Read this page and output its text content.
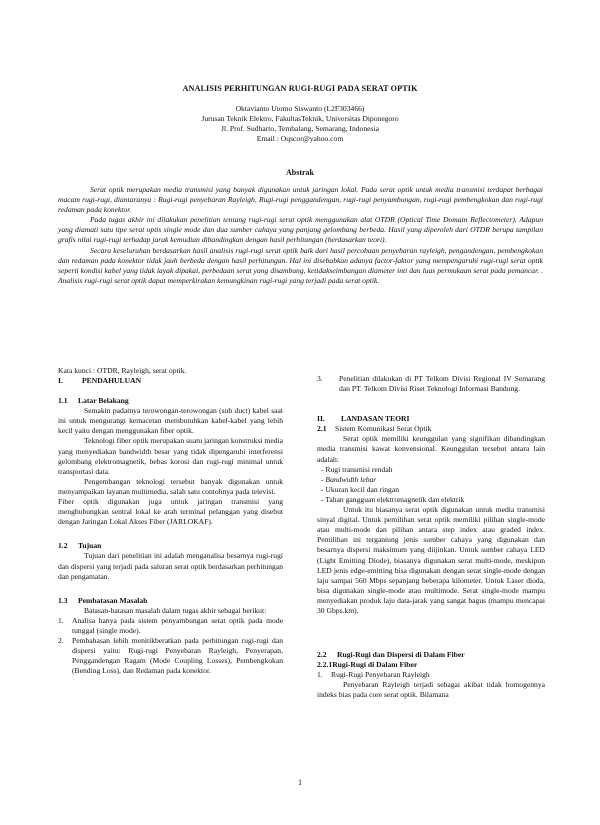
ANALISIS PERHITUNGAN RUGI-RUGI PADA SERAT OPTIK
Oktavianto Utomo Siswanto (L2F303466)
Jurusan Teknik Elektro, FakultasTeknik, Universitas Diponegoro
Jl. Prof. Sudharto, Tembalang, Semarang, Indonesia
Email : Oqscor@yahoo.com
Abstrak

Serat optik merupakan media transmisi yang banyak digunakan untuk jaringan lokal. Pada serat optik untuk media transmisi terdapat berbagai macam rugi-rugi, diantaranya : Rugi-rugi penyebaran Rayleigh, Rugi-rugi penggandengan, rugi-rugi penyambungan, rugi-rugi pembengkokan dan rugi-rugi redaman pada konektor.

Pada tugas akhir ini dilakukan penelitian tentang rugi-rugi serat optik menggunakan alat OTDR (Optical Time Domain Reflectometer). Adapun yang diamati satu tipe serat optis single mode dan dua sumber cahaya yang panjang gelombang berbeda. Hasil yang diperoleh dari OTDR berupa tampilan grafis nilai rugi-rugi terhadap jarak kemudian dibandingkan dengan hasil perhitungan (berdasarkan teori).

Secara keseluruhan berdasarkan hasil analisis rugi-rugi serat optik baik dari hasil percobaan penyebaran rayleigh, pengandengan, pembengkokan dan redaman pada konektor tidak jauh berbeda dengan hasil perhitungan. Hal ini disebabkan adanya factor-faktor yang mempengaruhi rugi-rugi serat optik seperti kondisi kabel yang tidak layak dipakai, perbedaan serat yang disambung, ketidakseimbangan diameter inti dan luas permukaan serat pada pemancar. . Analisis rugi-rugi serat optik dapat memperkirakan kemungkinan rugi-rugi yang terjadi pada serat optik.

Kata kunci : OTDR, Rayleigh, serat optik.
I.	PENDAHULUAN
1.1 Latar Belakang

Semakin padatnya terowongan-terowongan (sub duct) kabel saat ini untuk mengurangi kemacetan membutuhkan kabel-kabel yang lebih kecil yaitu dengan menggunakan fiber optik.

Teknologi fiber optik merupakan suatu jaringan konstruksi media yang menyediakan bandwidth besar yang tidak dipengaruhi interferensi gelombang elektromagnetik, bebas korosi dan rugi-rugi minimal untuk transportasi data.

Pengembangan teknologi tersebut banyak digunakan untuk menyampaikan layanan multimedia, salah satu contohnya pada televisi.

Fiber optik digunakan juga untuk jaringan transmisi yang menghubungkan sentral lokal ke arah terminal pelanggan yang disebut dengan Jaringan Lokal Akses Fiber (JARLOKAF).

1.2 Tujuan

Tujuan dari penelitian ini adalah menganalisa besarnya rugi-rugi dan dispersi yang terjadi pada saluran serat optik berdasarkan perhitungan dan pengamatan.

1.3 Pembatasan Masalah

Batasan-batasan masalah dalam tugas akhir sebagai berikut:

1.	Analisa hanya pada sistem penyambungan serat optik pada mode tunggal (single mode).
2.	Pembahasan lebih menitikberatkan pada perhitungan rugi-rugi dan dispersi yaitu: Rugi-rugi Penyebaran Rayleigh, Penyerapan, Penggandengan Ragam (Mode Coupling Losses), Pembengkokan (Bending Loss), dan Redaman pada konektor.
3.	Penelitian dilakukan di PT Telkom Divisi Regional IV Semarang dan PT. Telkom Divisi Riset Teknologi Informasi Bandung.
II. LANDASAN TEORI
2.1 Sistem Komunikasi Serat Optik

Serat optik memiliki keunggulan yang signifikan dibandingkan media transmisi kawat konvensional. Keunggulan tersebut antara lain adalah:

- Rugi transmisi rendah
- Bandwidth lebar
- Ukuran kecil dan ringan
- Tahan gangguan elektromagnetik dan elektrik

Untuk itu biasanya serat optik digunakan untuk media transmisi sinyal digital. Untuk pemilihan serat optik memiliki pilihan single-mode atau multi-mode dan pilihan antara step index atau graded index. Pemilihan ini tergantung jenis sumber cahaya yang digunakan dan besarnya dispersi maksimum yang diijinkan. Untuk sumber cahaya LED (Light Emitting Diode), biasanya digunakan serat multi-mode, meskipun LED jenis edge-emitting bisa digunakan dengan serat single-mode dengan laju sampai 560 Mbps sepanjang beberapa kilometer. Untuk Laser dioda, bisa digunakan single-mode atau multimode. Serat single-mode mampu menyediakan produk laju data-jarak yang sangat bagus (mampu mencapai 30 Gbps.km).

2.2 Rugi-Rugi dan Dispersi di Dalam Fiber
2.2.1Rugi-Rugi di Dalam Fiber
1.	Rugi-Rugi Penyebaran Rayleigh

Penyebaran Rayleigh terjadi sebagai akibat tidak homogennya indeks bias pada core serat optik. Bilamana

1
